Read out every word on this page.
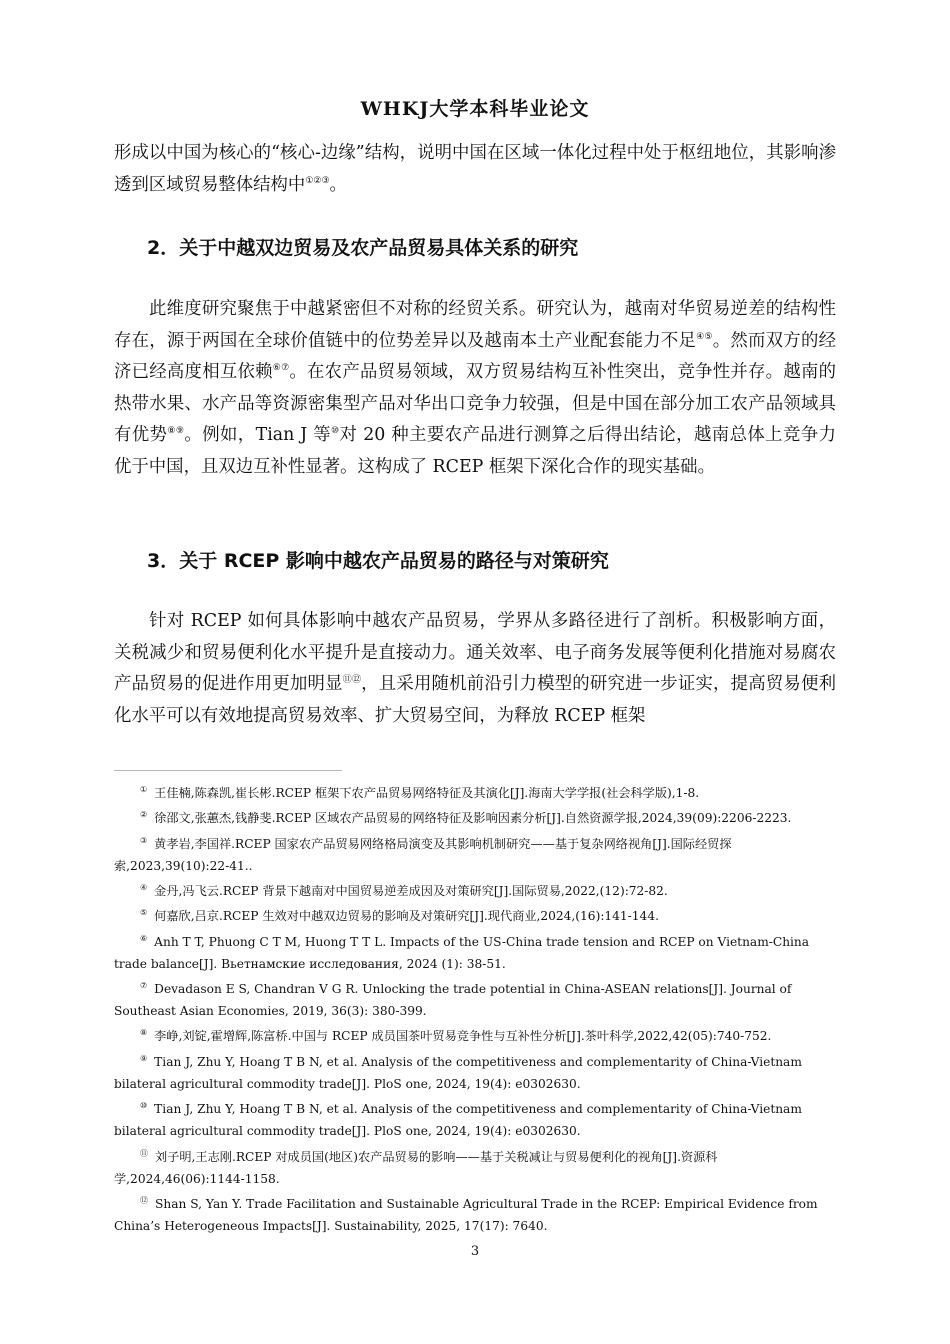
WHKJ大学本科毕业论文

形成以中国为核心的“核心-边缘”结构，说明中国在区域一体化过程中处于枢纽地位，其影响渗透到区域贸易整体结构中①②③。

2．关于中越双边贸易及农产品贸易具体关系的研究

此维度研究聚焦于中越紧密但不对称的经贸关系。研究认为，越南对华贸易逆差的结构性存在，源于两国在全球价值链中的位势差异以及越南本土产业配套能力不足④⑤。然而双方的经济已经高度相互依赖⑥⑦。在农产品贸易领域，双方贸易结构互补性突出，竞争性并存。越南的热带水果、水产品等资源密集型产品对华出口竞争力较强，但是中国在部分加工农产品领域具有优势⑧⑨。例如，Tian J 等⑩对 20 种主要农产品进行测算之后得出结论，越南总体上竞争力优于中国，且双边互补性显著。这构成了 RCEP 框架下深化合作的现实基础。

3．关于 RCEP 影响中越农产品贸易的路径与对策研究

针对 RCEP 如何具体影响中越农产品贸易，学界从多路径进行了剖析。积极影响方面，关税减少和贸易便利化水平提升是直接动力。通关效率、电子商务发展等便利化措施对易腐农产品贸易的促进作用更加明显⑪⑫，且采用随机前沿引力模型的研究进一步证实，提高贸易便利化水平可以有效地提高贸易效率、扩大贸易空间，为释放 RCEP 框架

① 王佳楠,陈森凯,崔长彬.RCEP 框架下农产品贸易网络特征及其演化[J].海南大学学报(社会科学版),1-8.

② 徐邵文,张蕙杰,钱静斐.RCEP 区域农产品贸易的网络特征及影响因素分析[J].自然资源学报,2024,39(09):2206-2223.

③ 黄孝岩,李国祥.RCEP 国家农产品贸易网络格局演变及其影响机制研究——基于复杂网络视角[J].国际经贸探索,2023,39(10):22-41..

④ 金丹,冯飞云.RCEP 背景下越南对中国贸易逆差成因及对策研究[J].国际贸易,2022,(12):72-82.

⑤ 何嘉欣,吕京.RCEP 生效对中越双边贸易的影响及对策研究[J].现代商业,2024,(16):141-144.

⑥ Anh T T, Phuong C T M, Huong T T L. Impacts of the US-China trade tension and RCEP on Vietnam-China trade balance[J]. Вьетнамские исследования, 2024 (1): 38-51.

⑦ Devadason E S, Chandran V G R. Unlocking the trade potential in China-ASEAN relations[J]. Journal of Southeast Asian Economies, 2019, 36(3): 380-399.

⑧ 李峥,刘锭,霍增辉,陈富桥.中国与 RCEP 成员国茶叶贸易竞争性与互补性分析[J].茶叶科学,2022,42(05):740-752.

⑨ Tian J, Zhu Y, Hoang T B N, et al. Analysis of the competitiveness and complementarity of China-Vietnam bilateral agricultural commodity trade[J]. PloS one, 2024, 19(4): e0302630.

⑩ Tian J, Zhu Y, Hoang T B N, et al. Analysis of the competitiveness and complementarity of China-Vietnam bilateral agricultural commodity trade[J]. PloS one, 2024, 19(4): e0302630.

⑪ 刘子明,王志刚.RCEP 对成员国(地区)农产品贸易的影响——基于关税减让与贸易便利化的视角[J].资源科学,2024,46(06):1144-1158.

⑫ Shan S, Yan Y. Trade Facilitation and Sustainable Agricultural Trade in the RCEP: Empirical Evidence from China’s Heterogeneous Impacts[J]. Sustainability, 2025, 17(17): 7640.

3
